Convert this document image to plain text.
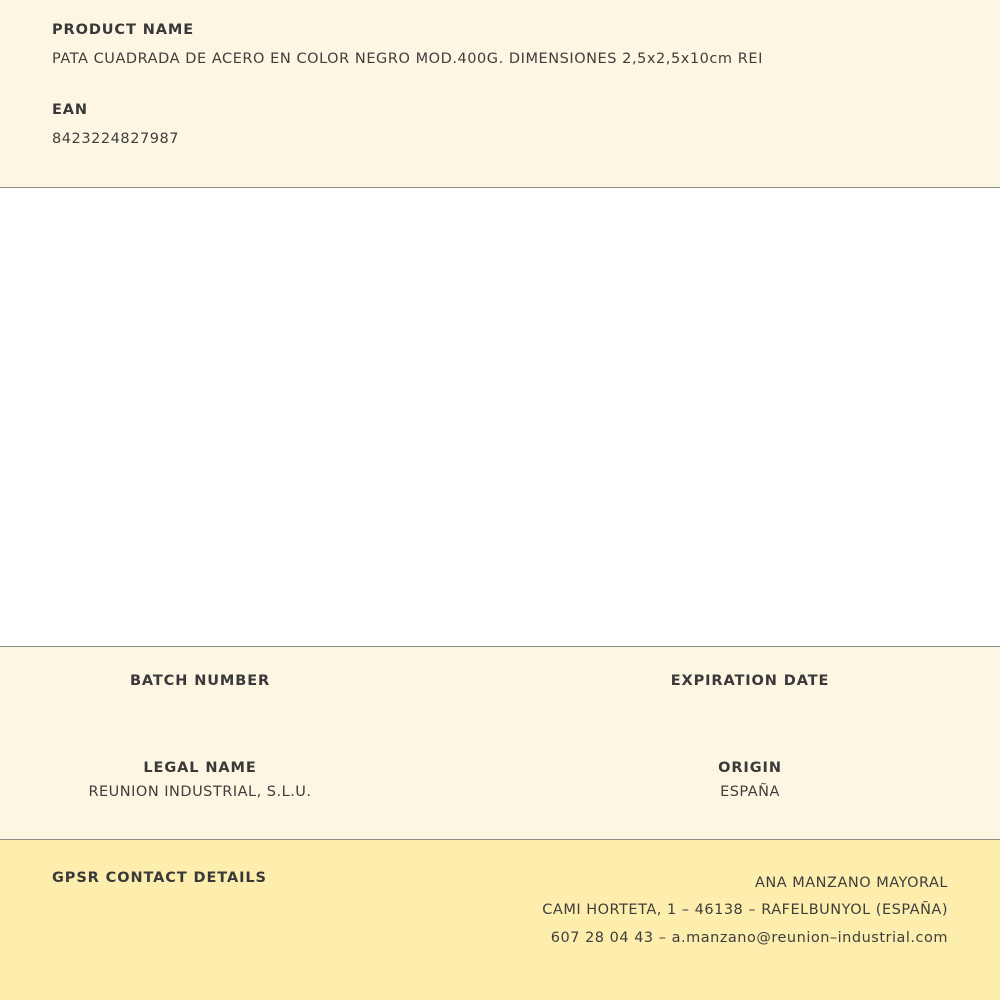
PRODUCT NAME
PATA CUADRADA DE ACERO EN COLOR NEGRO MOD.400G. DIMENSIONES 2,5x2,5x10cm REI
EAN
8423224827987
BATCH NUMBER	EXPIRATION DATE
LEGAL NAME
REUNION INDUSTRIAL, S.L.U.
ORIGIN
ESPAÑA
GPSR CONTACT DETAILS	ANA MANZANO MAYORAL
CAMI HORTETA, 1 – 46138 – RAFELBUNYOL (ESPAÑA)
607 28 04 43 – a.manzano@reunion–industrial.com
